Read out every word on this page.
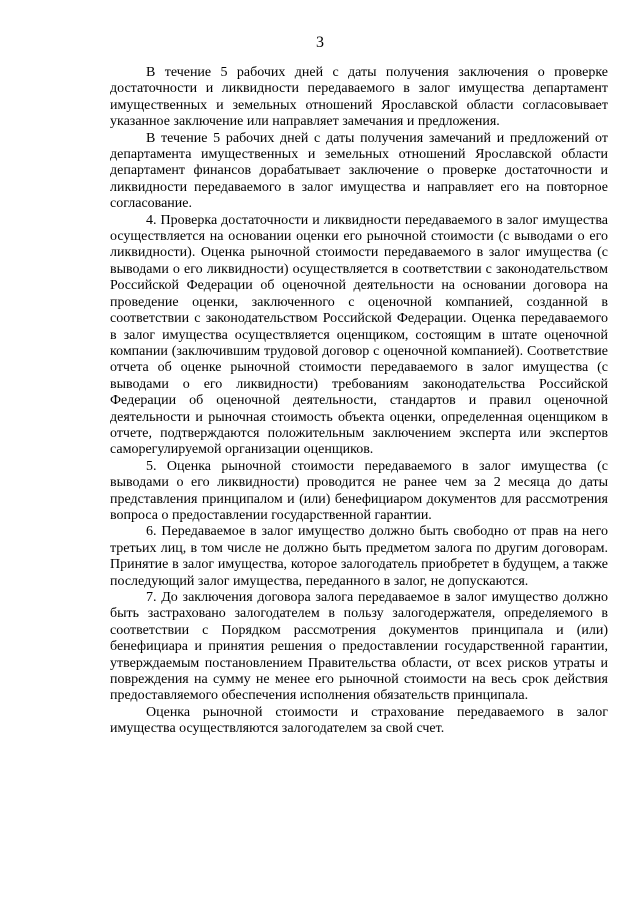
3

В течение 5 рабочих дней с даты получения заключения о проверке достаточности и ликвидности передаваемого в залог имущества департамент имущественных и земельных отношений Ярославской области согласовывает указанное заключение или направляет замечания и предложения.

В течение 5 рабочих дней с даты получения замечаний и предложений от департамента имущественных и земельных отношений Ярославской области департамент финансов дорабатывает заключение о проверке достаточности и ликвидности передаваемого в залог имущества и направляет его на повторное согласование.

4. Проверка достаточности и ликвидности передаваемого в залог имущества осуществляется на основании оценки его рыночной стоимости (с выводами о его ликвидности). Оценка рыночной стоимости передаваемого в залог имущества (с выводами о его ликвидности) осуществляется в соответствии с законодательством Российской Федерации об оценочной деятельности на основании договора на проведение оценки, заключенного с оценочной компанией, созданной в соответствии с законодательством Российской Федерации. Оценка передаваемого в залог имущества осуществляется оценщиком, состоящим в штате оценочной компании (заключившим трудовой договор с оценочной компанией). Соответствие отчета об оценке рыночной стоимости передаваемого в залог имущества (с выводами о его ликвидности) требованиям законодательства Российской Федерации об оценочной деятельности, стандартов и правил оценочной деятельности и рыночная стоимость объекта оценки, определенная оценщиком в отчете, подтверждаются положительным заключением эксперта или экспертов саморегулируемой организации оценщиков.

5. Оценка рыночной стоимости передаваемого в залог имущества (с выводами о его ликвидности) проводится не ранее чем за 2 месяца до даты представления принципалом и (или) бенефициаром документов для рассмотрения вопроса о предоставлении государственной гарантии.

6. Передаваемое в залог имущество должно быть свободно от прав на него третьих лиц, в том числе не должно быть предметом залога по другим договорам. Принятие в залог имущества, которое залогодатель приобретет в будущем, а также последующий залог имущества, переданного в залог, не допускаются.

7. До заключения договора залога передаваемое в залог имущество должно быть застраховано залогодателем в пользу залогодержателя, определяемого в соответствии с Порядком рассмотрения документов принципала и (или) бенефициара и принятия решения о предоставлении государственной гарантии, утверждаемым постановлением Правительства области, от всех рисков утраты и повреждения на сумму не менее его рыночной стоимости на весь срок действия предоставляемого обеспечения исполнения обязательств принципала.

Оценка рыночной стоимости и страхование передаваемого в залог имущества осуществляются залогодателем за свой счет.
